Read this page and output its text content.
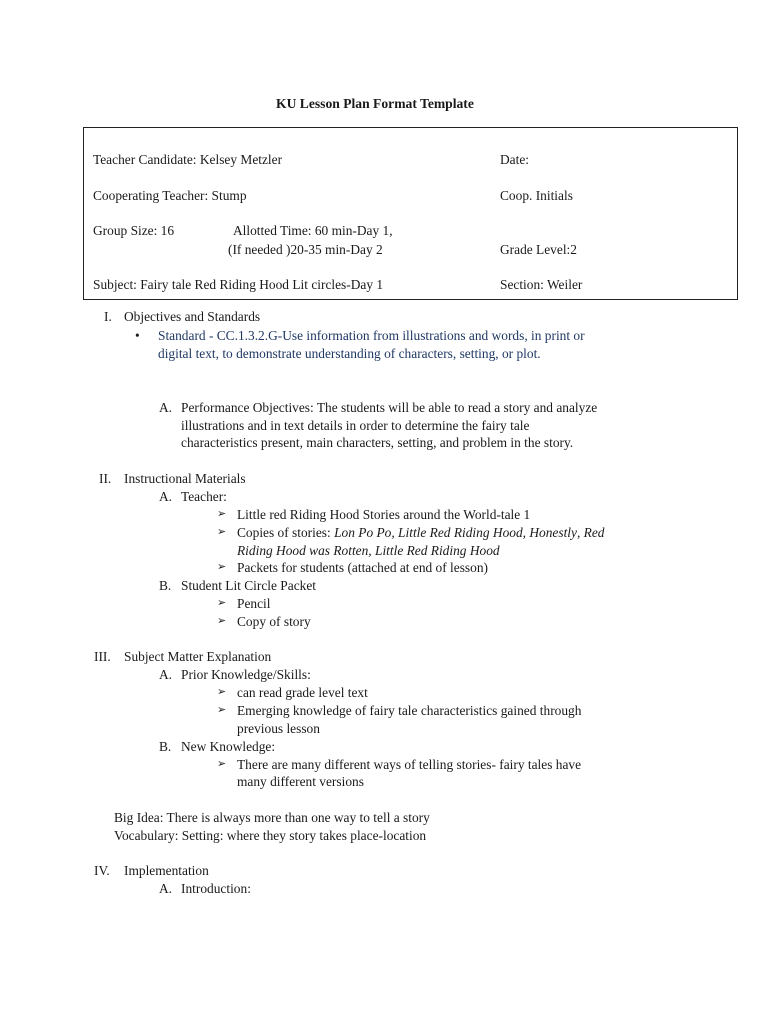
KU Lesson Plan Format Template
Teacher Candidate: Kelsey Metzler	Date:
Cooperating Teacher: Stump	Coop. Initials
Group Size: 16	Allotted Time: 60 min-Day 1,
(If needed )20-35 min-Day 2	Grade Level:2
Subject: Fairy tale Red Riding Hood Lit circles-Day 1	Section: Weiler
I. Objectives and Standards
• Standard - CC.1.3.2.G-Use information from illustrations and words, in print or
digital text, to demonstrate understanding of characters, setting, or plot.
A. Performance Objectives: The students will be able to read a story and analyze
illustrations and in text details in order to determine the fairy tale
characteristics present, main characters, setting, and problem in the story.
II. Instructional Materials
A. Teacher:
➢ Little red Riding Hood Stories around the World-tale 1
➢ Copies of stories: Lon Po Po, Little Red Riding Hood, Honestly, Red
Riding Hood was Rotten, Little Red Riding Hood
➢ Packets for students (attached at end of lesson)
B. Student Lit Circle Packet
➢ Pencil
➢ Copy of story
III. Subject Matter Explanation
A. Prior Knowledge/Skills:
➢ can read grade level text
➢ Emerging knowledge of fairy tale characteristics gained through
previous lesson
B. New Knowledge:
➢ There are many different ways of telling stories- fairy tales have
many different versions
Big Idea: There is always more than one way to tell a story
Vocabulary: Setting: where they story takes place-location
IV. Implementation
A. Introduction:
